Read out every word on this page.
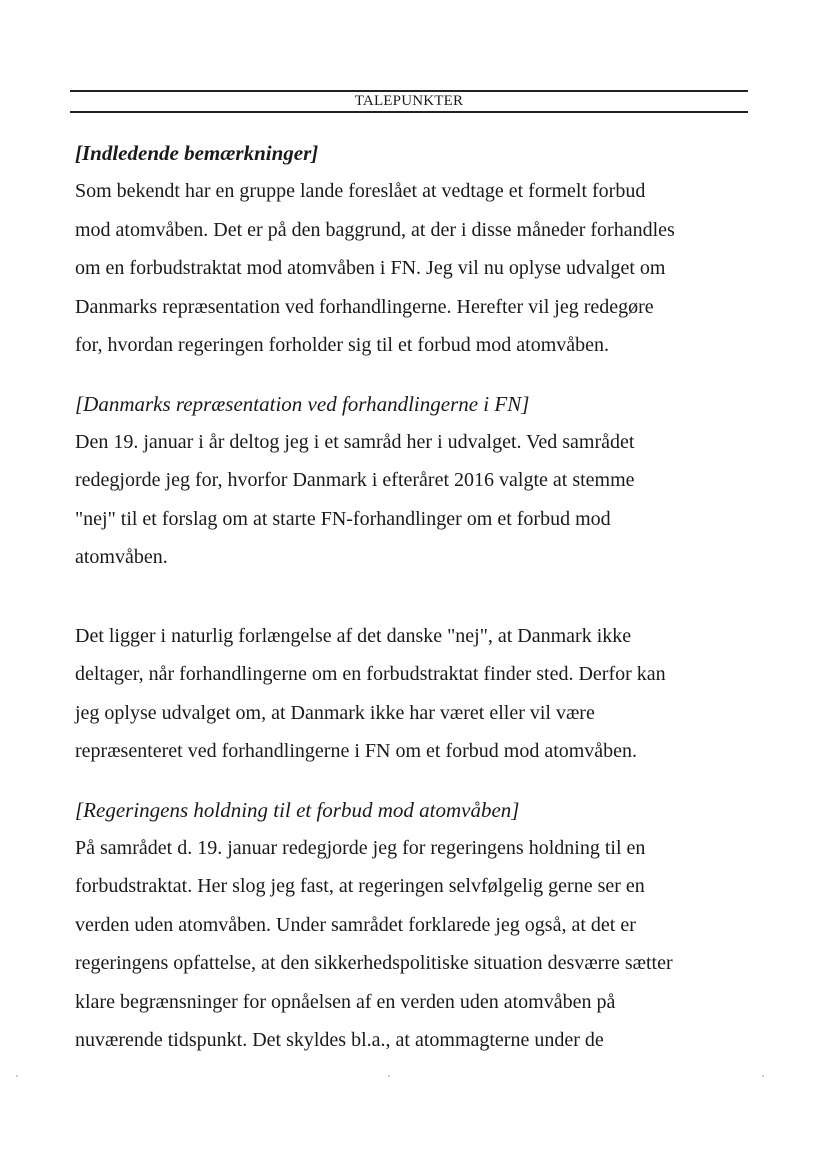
TALEPUNKTER
[Indledende bemærkninger]
Som bekendt har en gruppe lande foreslået at vedtage et formelt forbud
mod atomvåben. Det er på den baggrund, at der i disse måneder forhandles
om en forbudstraktat mod atomvåben i FN. Jeg vil nu oplyse udvalget om
Danmarks repræsentation ved forhandlingerne. Herefter vil jeg redegøre
for, hvordan regeringen forholder sig til et forbud mod atomvåben.
[Danmarks repræsentation ved forhandlingerne i FN]
Den 19. januar i år deltog jeg i et samråd her i udvalget. Ved samrådet
redegjorde jeg for, hvorfor Danmark i efteråret 2016 valgte at stemme
"nej" til et forslag om at starte FN-forhandlinger om et forbud mod
atomvåben.
Det ligger i naturlig forlængelse af det danske "nej", at Danmark ikke
deltager, når forhandlingerne om en forbudstraktat finder sted. Derfor kan
jeg oplyse udvalget om, at Danmark ikke har været eller vil være
repræsenteret ved forhandlingerne i FN om et forbud mod atomvåben.
[Regeringens holdning til et forbud mod atomvåben]
På samrådet d. 19. januar redegjorde jeg for regeringens holdning til en
forbudstraktat. Her slog jeg fast, at regeringen selvfølgelig gerne ser en
verden uden atomvåben. Under samrådet forklarede jeg også, at det er
regeringens opfattelse, at den sikkerhedspolitiske situation desværre sætter
klare begrænsninger for opnåelsen af en verden uden atomvåben på
nuværende tidspunkt. Det skyldes bl.a., at atommagterne under de
